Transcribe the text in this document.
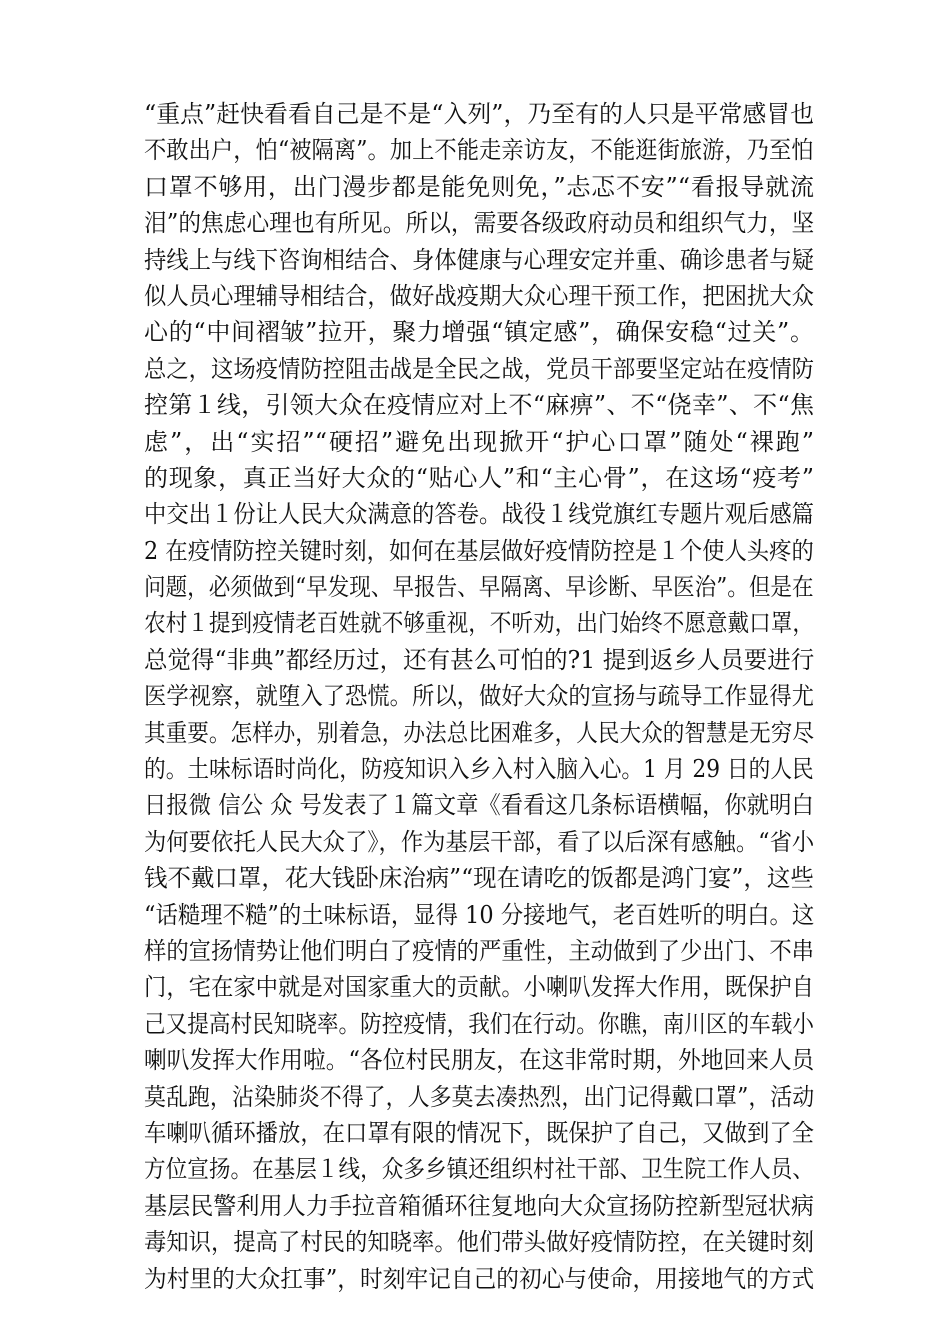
“重点”赶快看看自己是不是“入列”，乃至有的人只是平常感冒也
不敢出户，怕“被隔离”。加上不能走亲访友，不能逛街旅游，乃至怕
口罩不够用，出门漫步都是能免则免，”忐忑不安”“看报导就流
泪”的焦虑心理也有所见。所以，需要各级政府动员和组织气力，坚
持线上与线下咨询相结合、身体健康与心理安定并重、确诊患者与疑
似人员心理辅导相结合，做好战疫期大众心理干预工作，把困扰大众
心的“中间褶皱”拉开，聚力增强“镇定感”，确保安稳“过关”。
总之，这场疫情防控阻击战是全民之战，党员干部要坚定站在疫情防
控第１线，引领大众在疫情应对上不“麻痹”、不“侥幸”、不“焦
虑”，出“实招”“硬招”避免出现掀开“护心口罩”随处“裸跑”
的现象，真正当好大众的“贴心人”和“主心骨”，在这场“疫考”
中交出１份让人民大众满意的答卷。战役１线党旗红专题片观后感篇
2 在疫情防控关键时刻，如何在基层做好疫情防控是１个使人头疼的
问题，必须做到“早发现、早报告、早隔离、早诊断、早医治”。但是在
农村１提到疫情老百姓就不够重视，不听劝，出门始终不愿意戴口罩，
总觉得“非典”都经历过，还有甚么可怕的?1 提到返乡人员要进行
医学视察，就堕入了恐慌。所以，做好大众的宣扬与疏导工作显得尤
其重要。怎样办，别着急，办法总比困难多，人民大众的智慧是无穷尽
的。土味标语时尚化，防疫知识入乡入村入脑入心。1 月 29 日的人民
日报微 信公 众 号发表了１篇文章《看看这几条标语横幅，你就明白
为何要依托人民大众了》，作为基层干部，看了以后深有感触。“省小
钱不戴口罩，花大钱卧床治病”“现在请吃的饭都是鸿门宴”，这些
“话糙理不糙”的土味标语，显得 10 分接地气，老百姓听的明白。这
样的宣扬情势让他们明白了疫情的严重性，主动做到了少出门、不串
门，宅在家中就是对国家重大的贡献。小喇叭发挥大作用，既保护自
己又提高村民知晓率。防控疫情，我们在行动。你瞧，南川区的车载小
喇叭发挥大作用啦。“各位村民朋友，在这非常时期，外地回来人员
莫乱跑，沾染肺炎不得了，人多莫去凑热烈，出门记得戴口罩”，活动
车喇叭循环播放，在口罩有限的情况下，既保护了自己，又做到了全
方位宣扬。在基层１线，众多乡镇还组织村社干部、卫生院工作人员、
基层民警利用人力手拉音箱循环往复地向大众宣扬防控新型冠状病
毒知识，提高了村民的知晓率。他们带头做好疫情防控，在关键时刻
为村里的大众扛事”，时刻牢记自己的初心与使命，用接地气的方式
